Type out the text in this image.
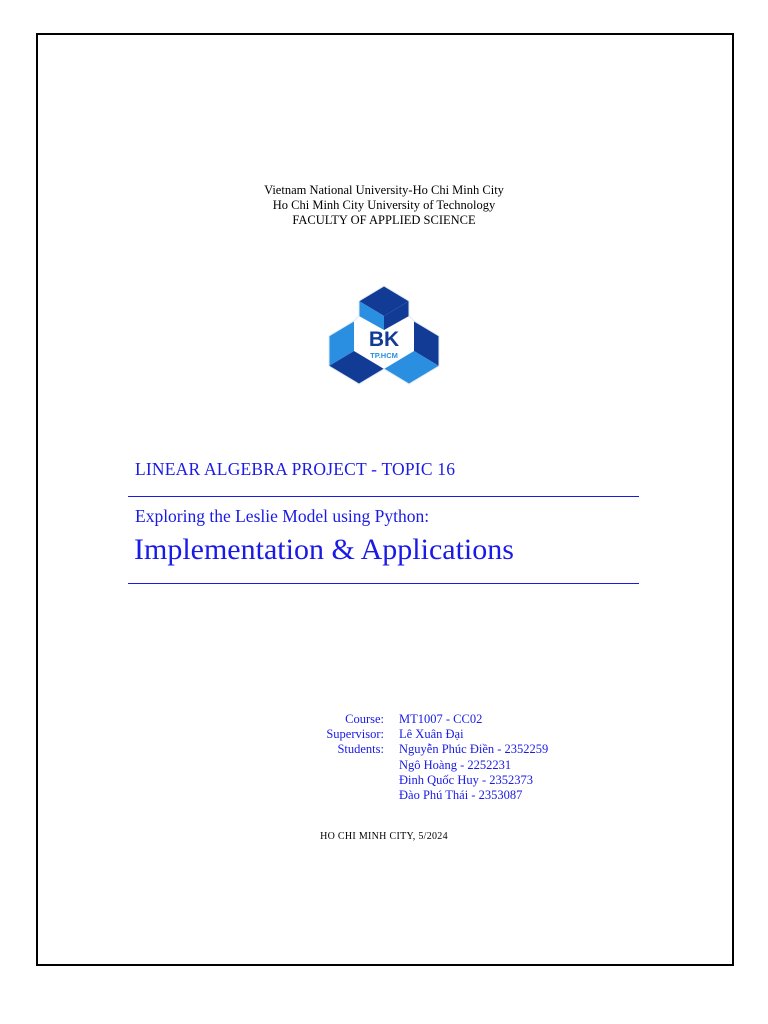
Vietnam National University-Ho Chi Minh City
Ho Chi Minh City University of Technology
FACULTY OF APPLIED SCIENCE
BK
TP.HCM
LINEAR ALGEBRA PROJECT - TOPIC 16
Exploring the Leslie Model using Python:
Implementation & Applications
Course: MT1007 - CC02
Supervisor: Lê Xuân Đại
Students: Nguyễn Phúc Điền - 2352259
Ngô Hoàng - 2252231
Đinh Quốc Huy - 2352373
Đào Phú Thái - 2353087
HO CHI MINH CITY, 5/2024
